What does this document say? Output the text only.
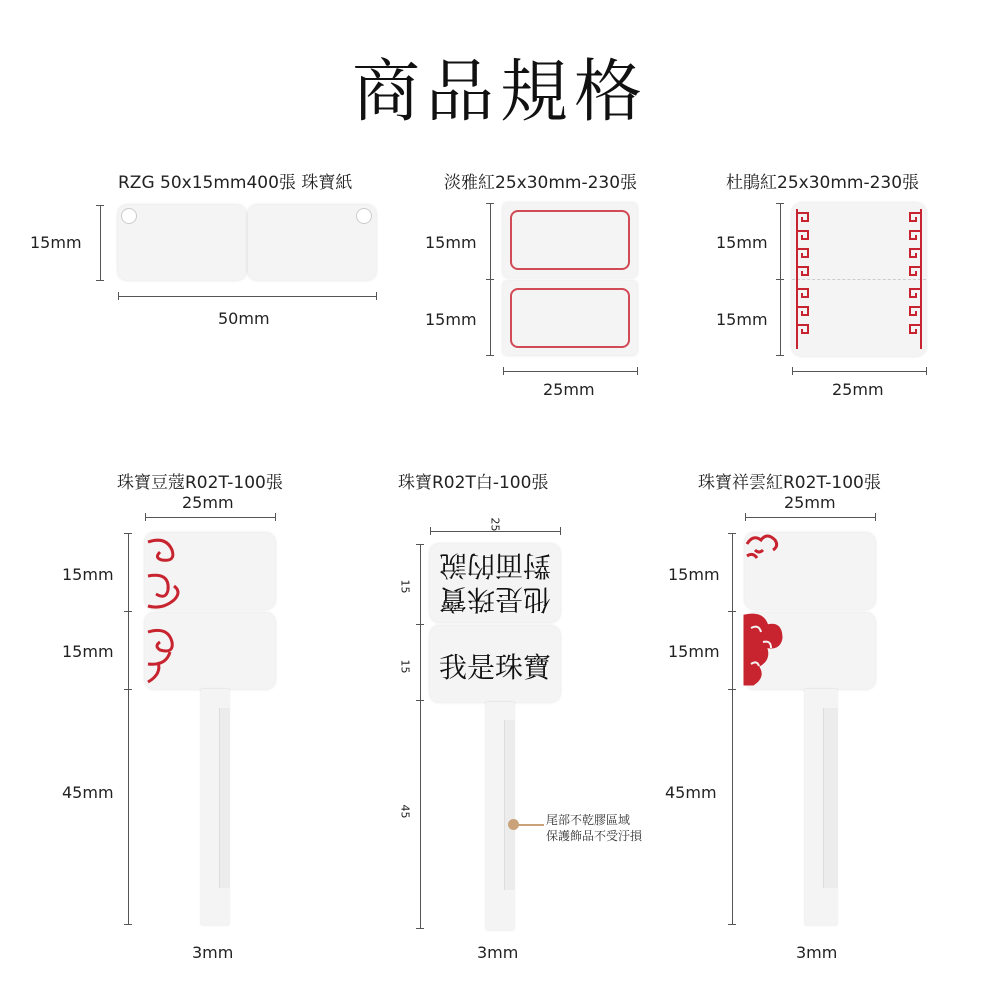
商品規格
RZG 50x15mm400張 珠寶紙
15mm
50mm
淡雅紅25x30mm-230張
15mm
15mm
25mm
杜鵑紅25x30mm-230張
15mm
15mm
25mm
珠寶豆蔻R02T-100張
25mm
15mm
15mm
45mm
3mm
珠寶R02T白-100張
25
15
15
45
他是珠寶
對面的說
我是珠寶
尾部不乾膠區域
保護飾品不受汙損
3mm
珠寶祥雲紅R02T-100張
25mm
15mm
15mm
45mm
3mm
